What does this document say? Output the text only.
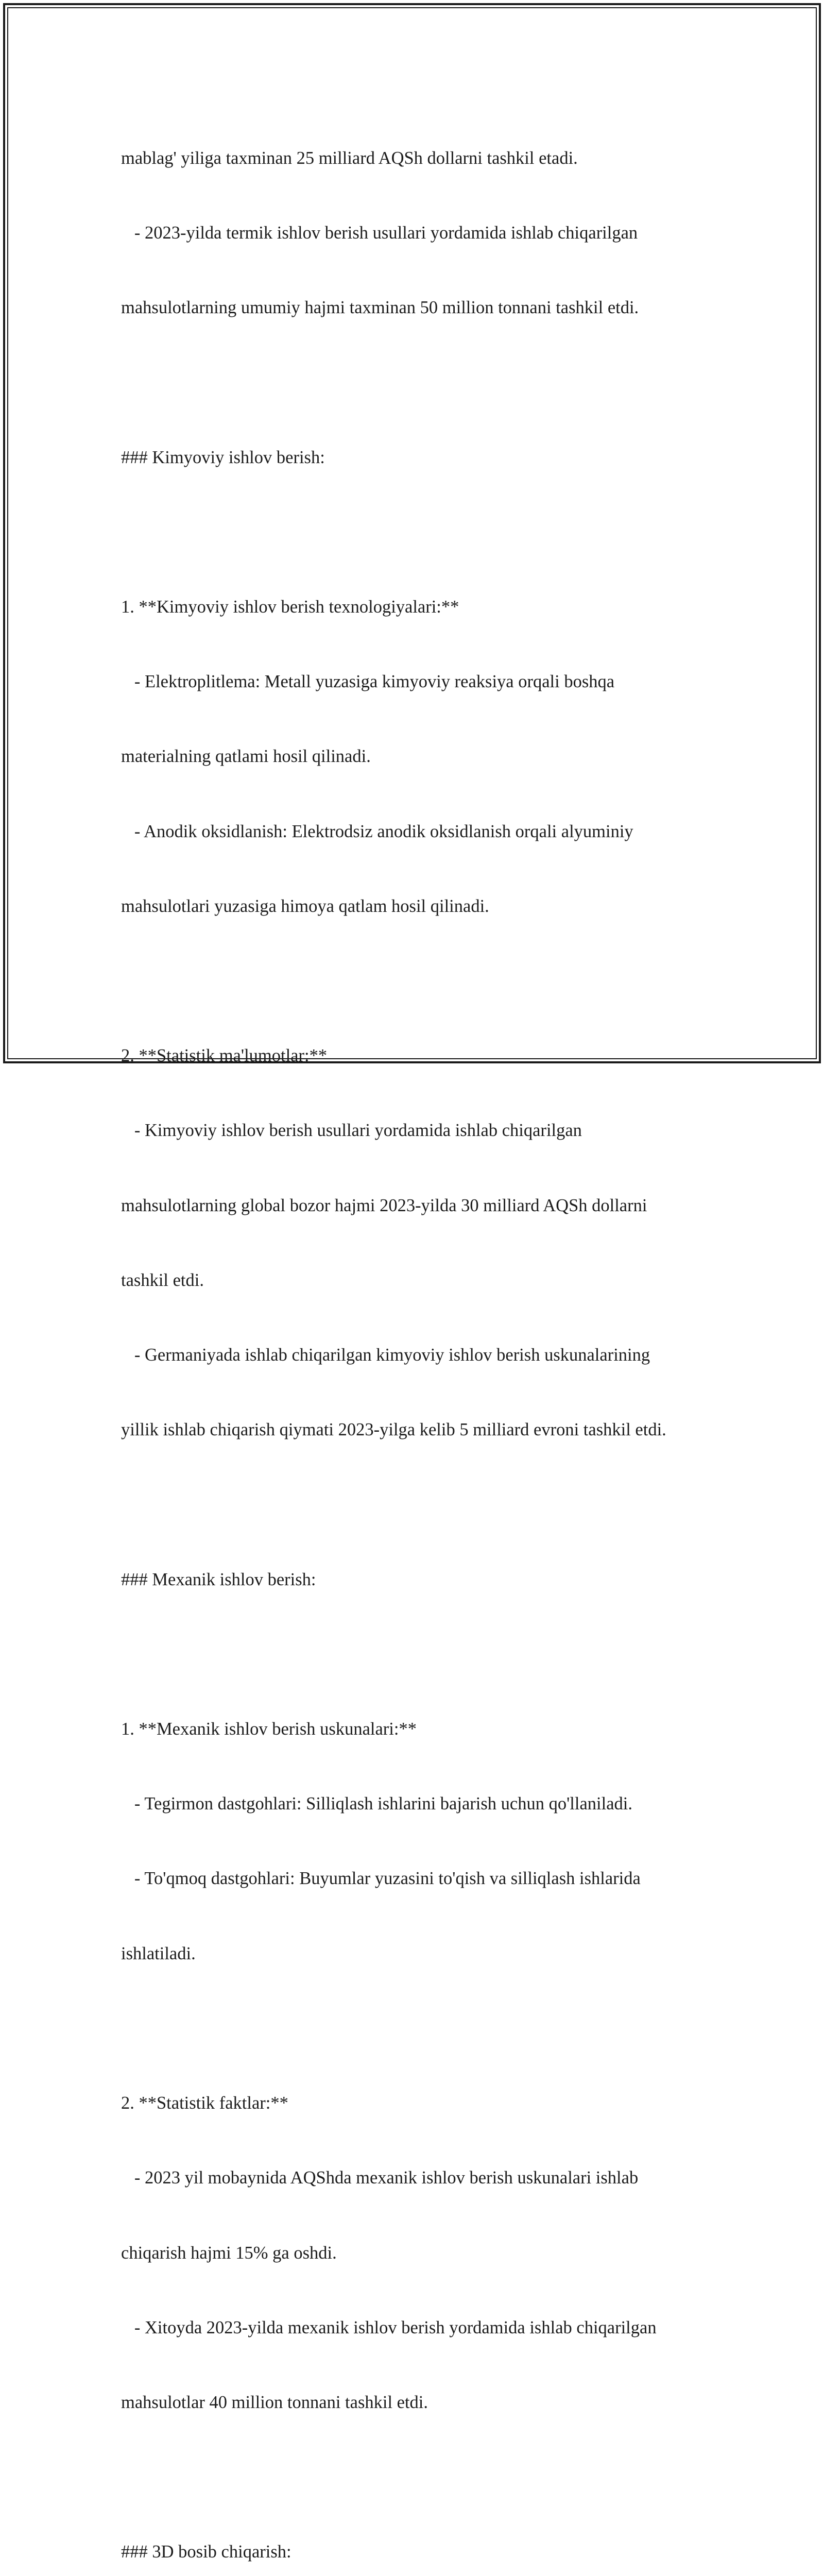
mablag' yiliga taxminan 25 milliard AQSh dollarni tashkil etadi.

- 2023-yilda termik ishlov berish usullari yordamida ishlab chiqarilgan

mahsulotlarning umumiy hajmi taxminan 50 million tonnani tashkil etdi.

### Kimyoviy ishlov berish:

1. **Kimyoviy ishlov berish texnologiyalari:**

- Elektroplitlema: Metall yuzasiga kimyoviy reaksiya orqali boshqa

materialning qatlami hosil qilinadi.

- Anodik oksidlanish: Elektrodsiz anodik oksidlanish orqali alyuminiy

mahsulotlari yuzasiga himoya qatlam hosil qilinadi.

2. **Statistik ma'lumotlar:**

- Kimyoviy ishlov berish usullari yordamida ishlab chiqarilgan

mahsulotlarning global bozor hajmi 2023-yilda 30 milliard AQSh dollarni

tashkil etdi.

- Germaniyada ishlab chiqarilgan kimyoviy ishlov berish uskunalarining

yillik ishlab chiqarish qiymati 2023-yilga kelib 5 milliard evroni tashkil etdi.

### Mexanik ishlov berish:

1. **Mexanik ishlov berish uskunalari:**

- Tegirmon dastgohlari: Silliqlash ishlarini bajarish uchun qo'llaniladi.

- To'qmoq dastgohlari: Buyumlar yuzasini to'qish va silliqlash ishlarida

ishlatiladi.

2. **Statistik faktlar:**

- 2023 yil mobaynida AQShda mexanik ishlov berish uskunalari ishlab

chiqarish hajmi 15% ga oshdi.

- Xitoyda 2023-yilda mexanik ishlov berish yordamida ishlab chiqarilgan

mahsulotlar 40 million tonnani tashkil etdi.

### 3D bosib chiqarish:
